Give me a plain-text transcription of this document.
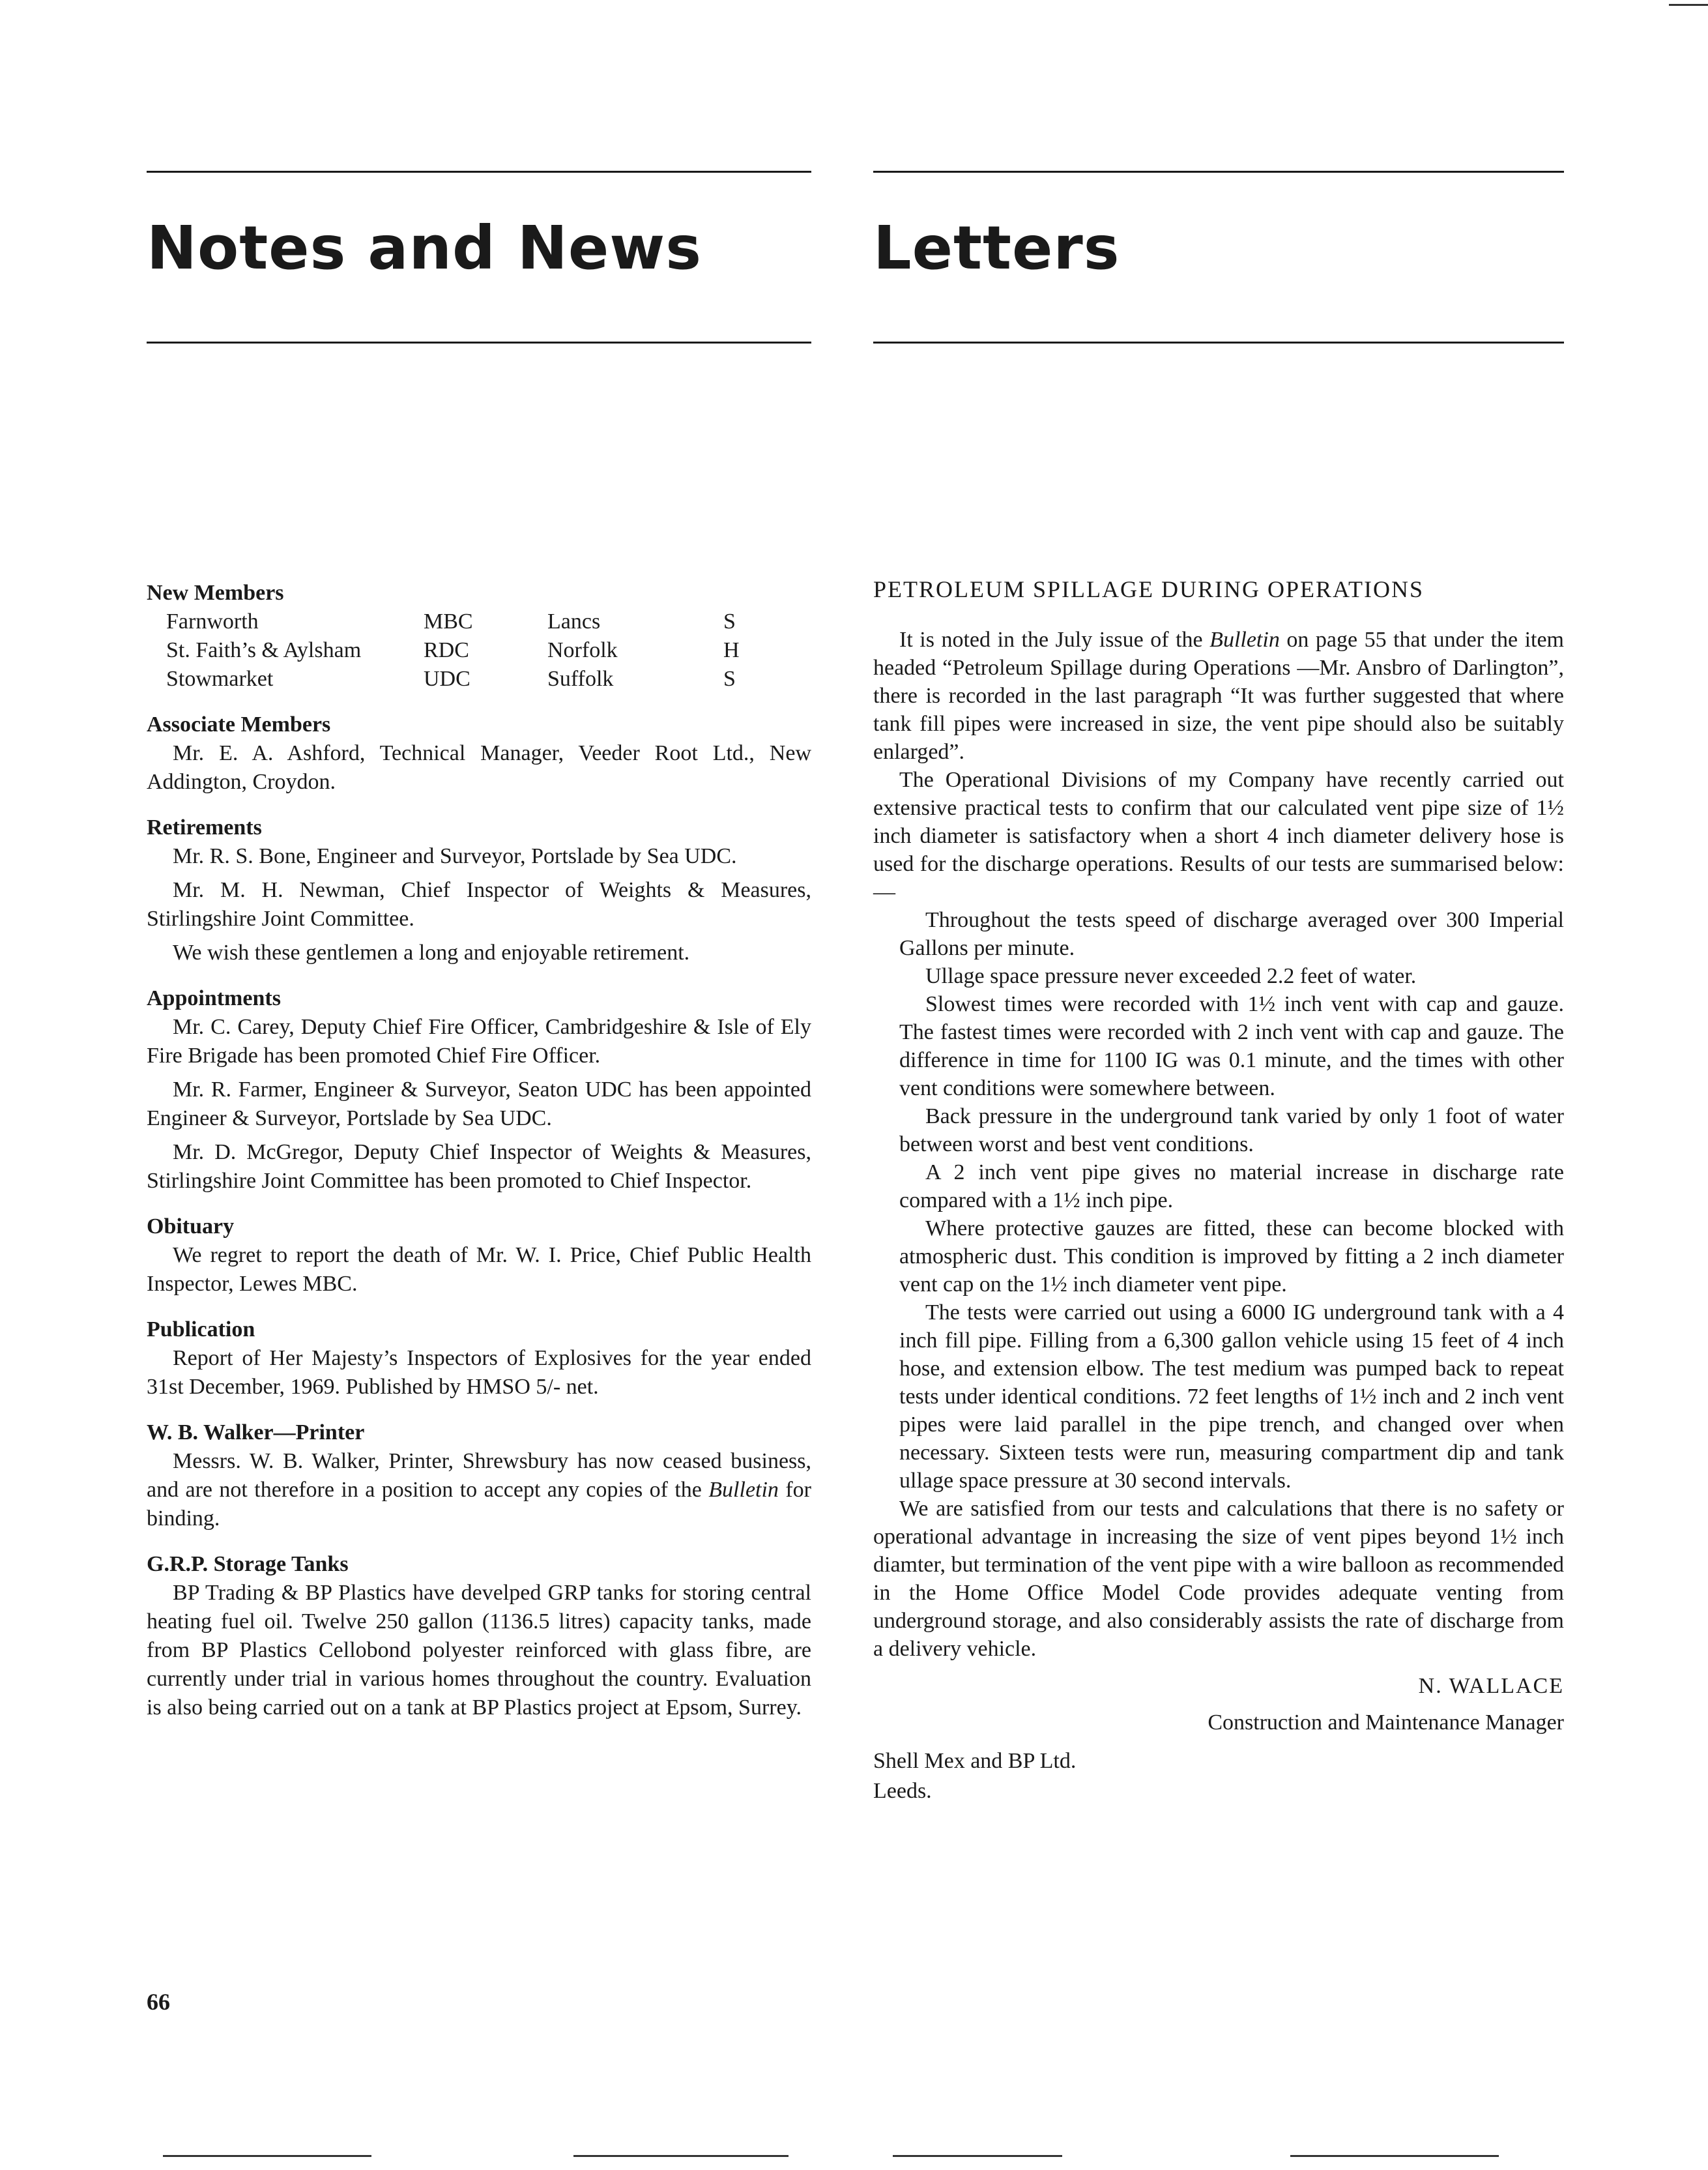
Notes and News

New Members

Farnworth	MBC	Lancs	S
St. Faith’s & Aylsham	RDC	Norfolk	H
Stowmarket	UDC	Suffolk	S

Associate Members

Mr. E. A. Ashford, Technical Manager, Veeder Root Ltd., New Addington, Croydon.

Retirements

Mr. R. S. Bone, Engineer and Surveyor, Portslade by Sea UDC.

Mr. M. H. Newman, Chief Inspector of Weights & Measures, Stirlingshire Joint Committee.

We wish these gentlemen a long and enjoyable retirement.

Appointments

Mr. C. Carey, Deputy Chief Fire Officer, Cambridgeshire & Isle of Ely Fire Brigade has been promoted Chief Fire Officer.

Mr. R. Farmer, Engineer & Surveyor, Seaton UDC has been appointed Engineer & Surveyor, Portslade by Sea UDC.

Mr. D. McGregor, Deputy Chief Inspector of Weights & Measures, Stirlingshire Joint Committee has been promoted to Chief Inspector.

Obituary

We regret to report the death of Mr. W. I. Price, Chief Public Health Inspector, Lewes MBC.

Publication

Report of Her Majesty’s Inspectors of Explosives for the year ended 31st December, 1969. Published by HMSO 5/- net.

W. B. Walker—Printer

Messrs. W. B. Walker, Printer, Shrewsbury has now ceased business, and are not therefore in a position to accept any copies of the Bulletin for binding.

G.R.P. Storage Tanks

BP Trading & BP Plastics have develped GRP tanks for storing central heating fuel oil. Twelve 250 gallon (1136.5 litres) capacity tanks, made from BP Plastics Cellobond polyester reinforced with glass fibre, are currently under trial in various homes throughout the country. Evaluation is also being carried out on a tank at BP Plastics project at Epsom, Surrey.

66

Letters

PETROLEUM SPILLAGE DURING OPERATIONS

It is noted in the July issue of the Bulletin on page 55 that under the item headed “Petroleum Spillage during Operations —Mr. Ansbro of Darlington”, there is recorded in the last paragraph “It was further suggested that where tank fill pipes were increased in size, the vent pipe should also be suitably enlarged”.

The Operational Divisions of my Company have recently carried out extensive practical tests to confirm that our calculated vent pipe size of 1½ inch diameter is satisfactory when a short 4 inch diameter delivery hose is used for the discharge operations. Results of our tests are summarised below:—

Throughout the tests speed of discharge averaged over 300 Imperial Gallons per minute.

Ullage space pressure never exceeded 2.2 feet of water.

Slowest times were recorded with 1½ inch vent with cap and gauze. The fastest times were recorded with 2 inch vent with cap and gauze. The difference in time for 1100 IG was 0.1 minute, and the times with other vent conditions were somewhere between.

Back pressure in the underground tank varied by only 1 foot of water between worst and best vent conditions.

A 2 inch vent pipe gives no material increase in discharge rate compared with a 1½ inch pipe.

Where protective gauzes are fitted, these can become blocked with atmospheric dust. This condition is improved by fitting a 2 inch diameter vent cap on the 1½ inch diameter vent pipe.

The tests were carried out using a 6000 IG underground tank with a 4 inch fill pipe. Filling from a 6,300 gallon vehicle using 15 feet of 4 inch hose, and extension elbow. The test medium was pumped back to repeat tests under identical conditions. 72 feet lengths of 1½ inch and 2 inch vent pipes were laid parallel in the pipe trench, and changed over when necessary. Sixteen tests were run, measuring compartment dip and tank ullage space pressure at 30 second intervals.

We are satisfied from our tests and calculations that there is no safety or operational advantage in increasing the size of vent pipes beyond 1½ inch diamter, but termination of the vent pipe with a wire balloon as recommended in the Home Office Model Code provides adequate venting from underground storage, and also considerably assists the rate of discharge from a delivery vehicle.

N. WALLACE
Construction and Maintenance Manager

Shell Mex and BP Ltd.
Leeds.
